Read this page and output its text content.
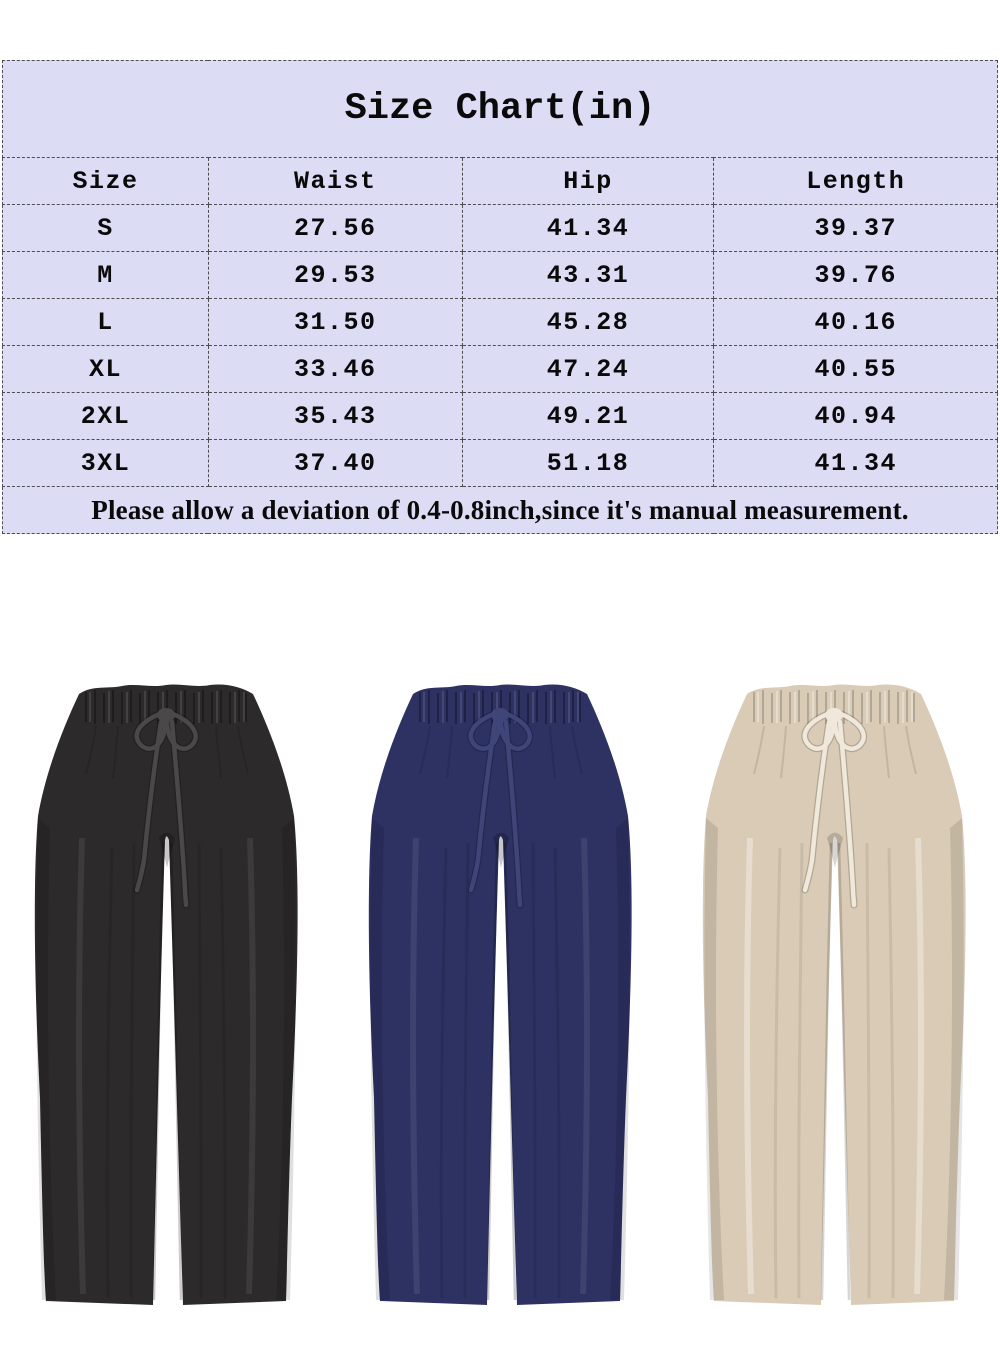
Size Chart(in)			
Size	Waist	Hip	Length
S	27.56	41.34	39.37
M	29.53	43.31	39.76
L	31.50	45.28	40.16
XL	33.46	47.24	40.55
2XL	35.43	49.21	40.94
3XL	37.40	51.18	41.34
Please allow a deviation of 0.4-0.8inch,since it's manual measurement.			
